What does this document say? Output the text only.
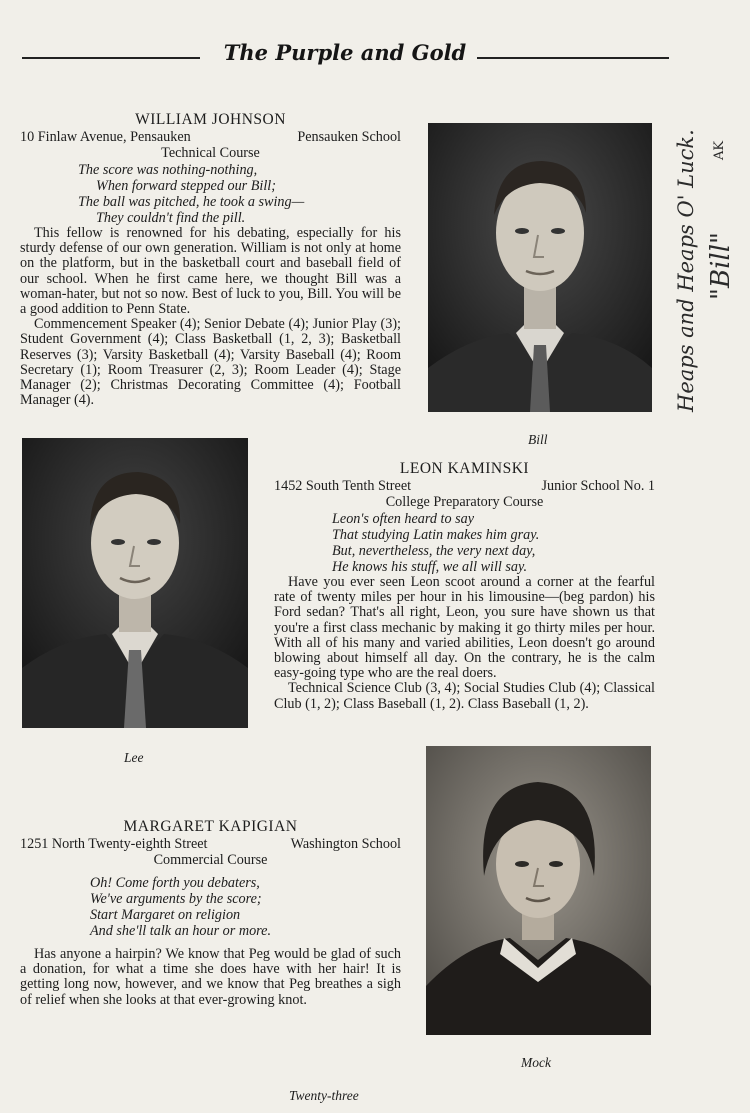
The Purple and Gold
WILLIAM JOHNSON
10 Finlaw Avenue, Pensauken	Pensauken School
Technical Course
The score was nothing-nothing,
When forward stepped our Bill;
The ball was pitched, he took a swing—
They couldn't find the pill.

This fellow is renowned for his debating, especially for his sturdy defense of our own generation. William is not only at home on the platform, but in the basketball court and baseball field of our school. When he first came here, we thought Bill was a woman-hater, but not so now. Best of luck to you, Bill. You will be a good addition to Penn State.

Commencement Speaker (4); Senior Debate (4); Junior Play (3); Student Government (4); Class Basketball (1, 2, 3); Basketball Reserves (3); Varsity Basketball (4); Varsity Baseball (4); Room Secretary (1); Room Treasurer (2, 3); Room Leader (4); Stage Manager (2); Christmas Decorating Committee (4); Football Manager (4).

Bill
Heaps and Heaps O' Luck. "Bill"
AK
Lee
LEON KAMINSKI
1452 South Tenth Street	Junior School No. 1
College Preparatory Course
Leon's often heard to say
That studying Latin makes him gray.
But, nevertheless, the very next day,
He knows his stuff, we all will say.

Have you ever seen Leon scoot around a corner at the fearful rate of twenty miles per hour in his limousine—(beg pardon) his Ford sedan? That's all right, Leon, you sure have shown us that you're a first class mechanic by making it go thirty miles per hour. With all of his many and varied abilities, Leon doesn't go around blowing about himself all day. On the contrary, he is the calm easy-going type who are the real doers.

Technical Science Club (3, 4); Social Studies Club (4); Classical Club (1, 2); Class Baseball (1, 2). Class Baseball (1, 2).

MARGARET KAPIGIAN
1251 North Twenty-eighth Street	Washington School
Commercial Course
Oh! Come forth you debaters,
We've arguments by the score;
Start Margaret on religion
And she'll talk an hour or more.

Has anyone a hairpin? We know that Peg would be glad of such a donation, for what a time she does have with her hair! It is getting long now, however, and we know that Peg breathes a sigh of relief when she looks at that ever-growing knot.

Mock
Twenty-three
